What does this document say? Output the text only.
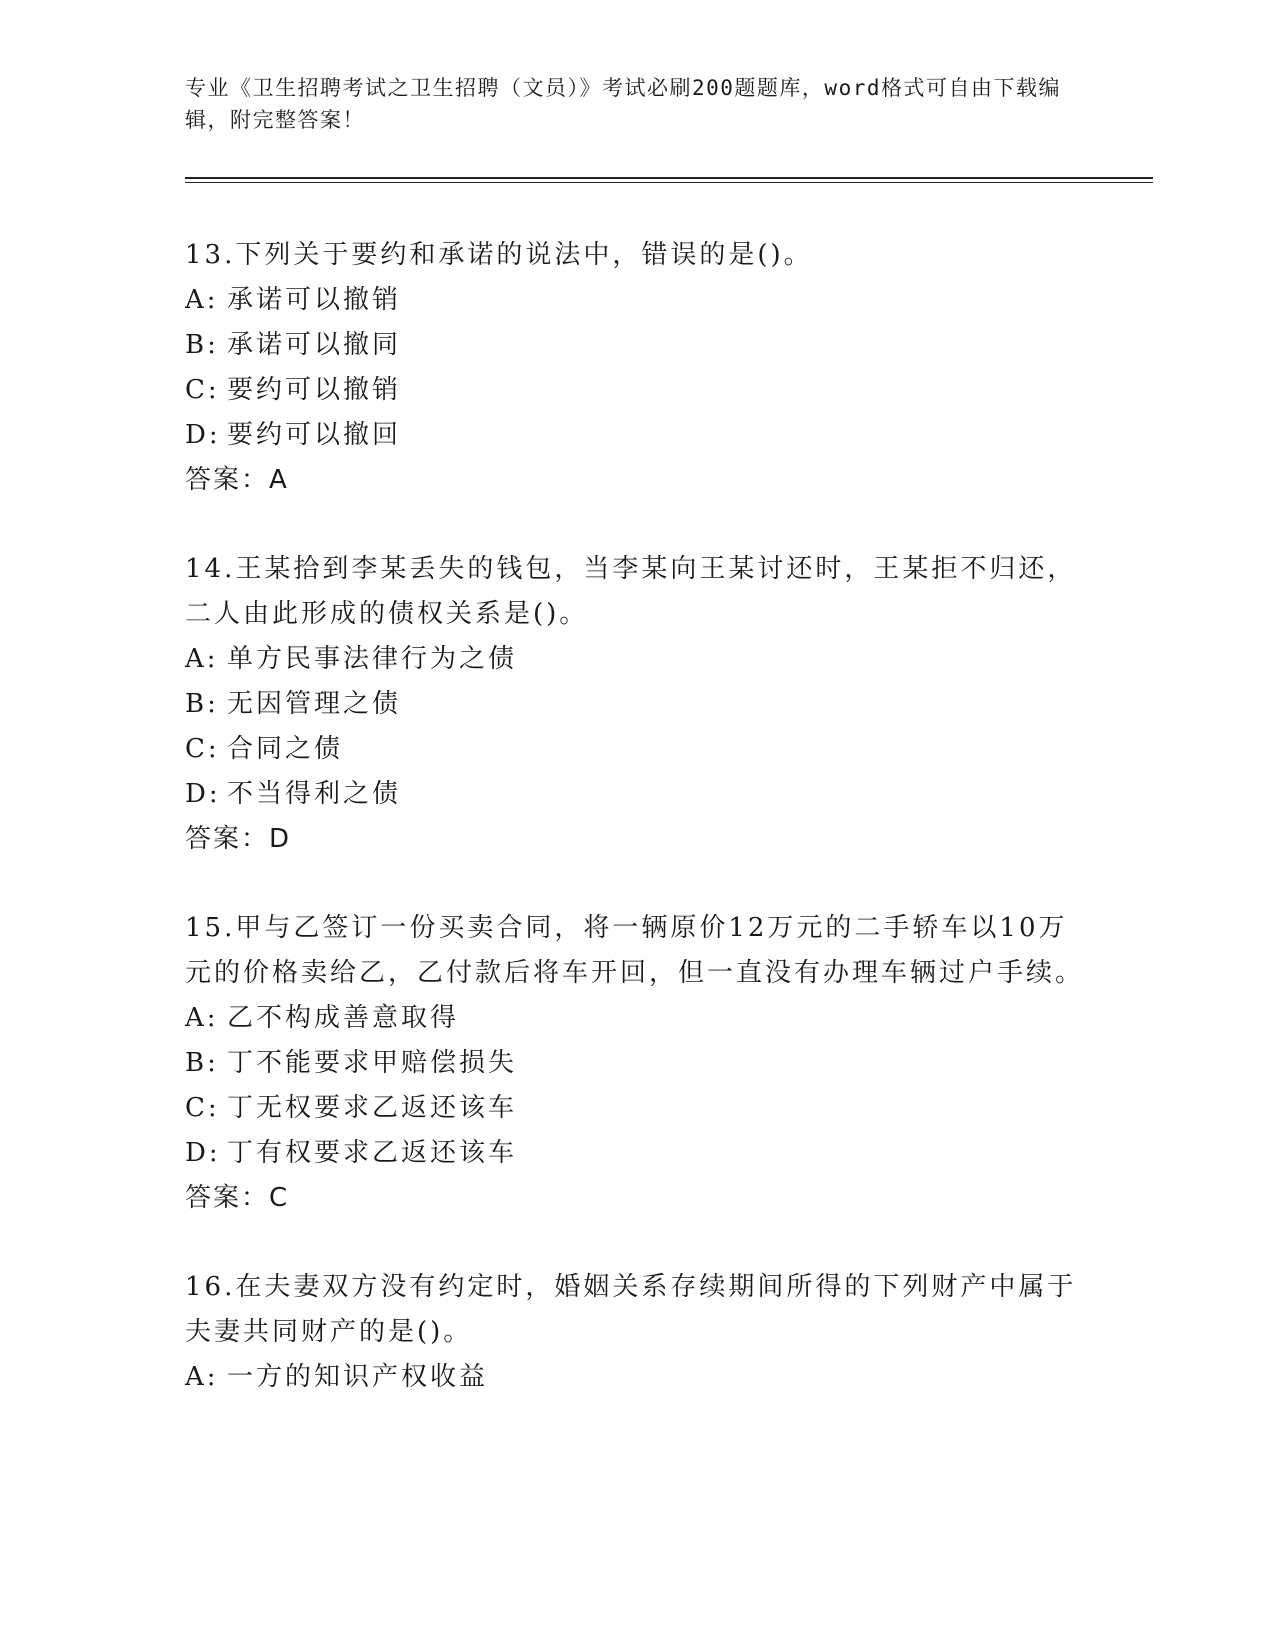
专业《卫生招聘考试之卫生招聘（文员）》考试必刷200题题库，word格式可自由下载编辑，附完整答案！

13.下列关于要约和承诺的说法中，错误的是()。

A: 承诺可以撤销

B: 承诺可以撤同

C: 要约可以撤销

D: 要约可以撤回

答案：A

14.王某拾到李某丢失的钱包，当李某向王某讨还时，王某拒不归还，二人由此形成的债权关系是()。

A: 单方民事法律行为之债

B: 无因管理之债

C: 合同之债

D: 不当得利之债

答案：D

15.甲与乙签订一份买卖合同，将一辆原价12万元的二手轿车以10万元的价格卖给乙，乙付款后将车开回，但一直没有办理车辆过户手续。

A: 乙不构成善意取得

B: 丁不能要求甲赔偿损失

C: 丁无权要求乙返还该车

D: 丁有权要求乙返还该车

答案：C

16.在夫妻双方没有约定时，婚姻关系存续期间所得的下列财产中属于夫妻共同财产的是()。

A: 一方的知识产权收益
